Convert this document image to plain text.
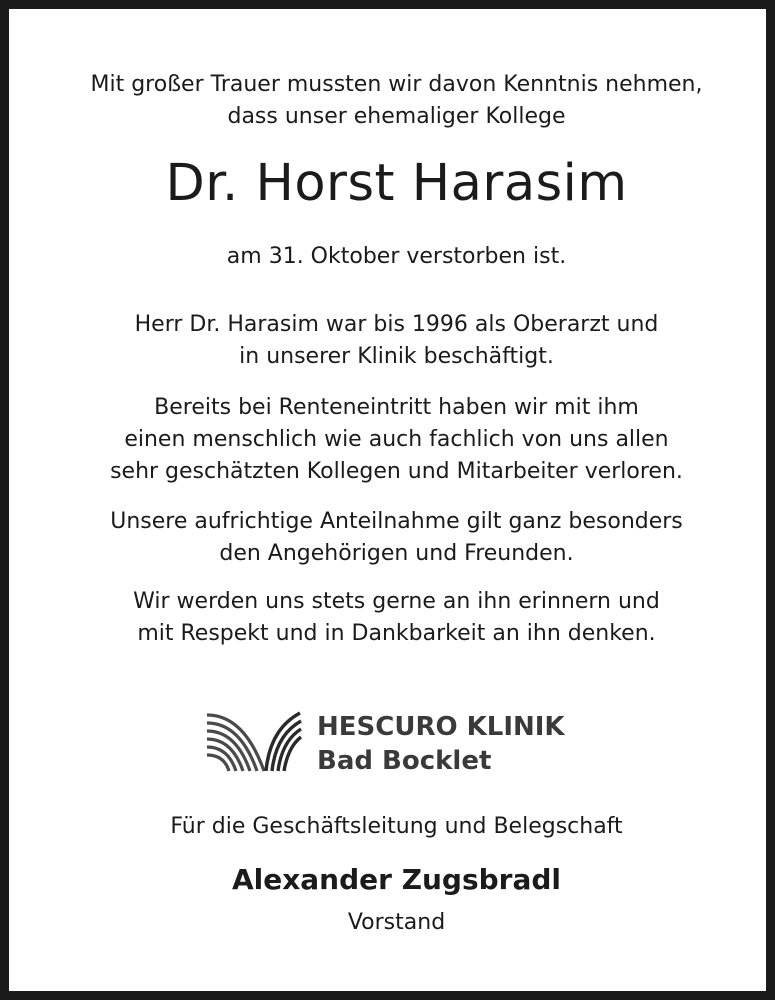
Mit großer Trauer mussten wir davon Kenntnis nehmen,
dass unser ehemaliger Kollege
Dr. Horst Harasim
am 31. Oktober verstorben ist.
Herr Dr. Harasim war bis 1996 als Oberarzt und
in unserer Klinik beschäftigt.
Bereits bei Renteneintritt haben wir mit ihm
einen menschlich wie auch fachlich von uns allen
sehr geschätzten Kollegen und Mitarbeiter verloren.
Unsere aufrichtige Anteilnahme gilt ganz besonders
den Angehörigen und Freunden.
Wir werden uns stets gerne an ihn erinnern und
mit Respekt und in Dankbarkeit an ihn denken.
HESCURO KLINIK
Bad Bocklet
Für die Geschäftsleitung und Belegschaft
Alexander Zugsbradl
Vorstand
